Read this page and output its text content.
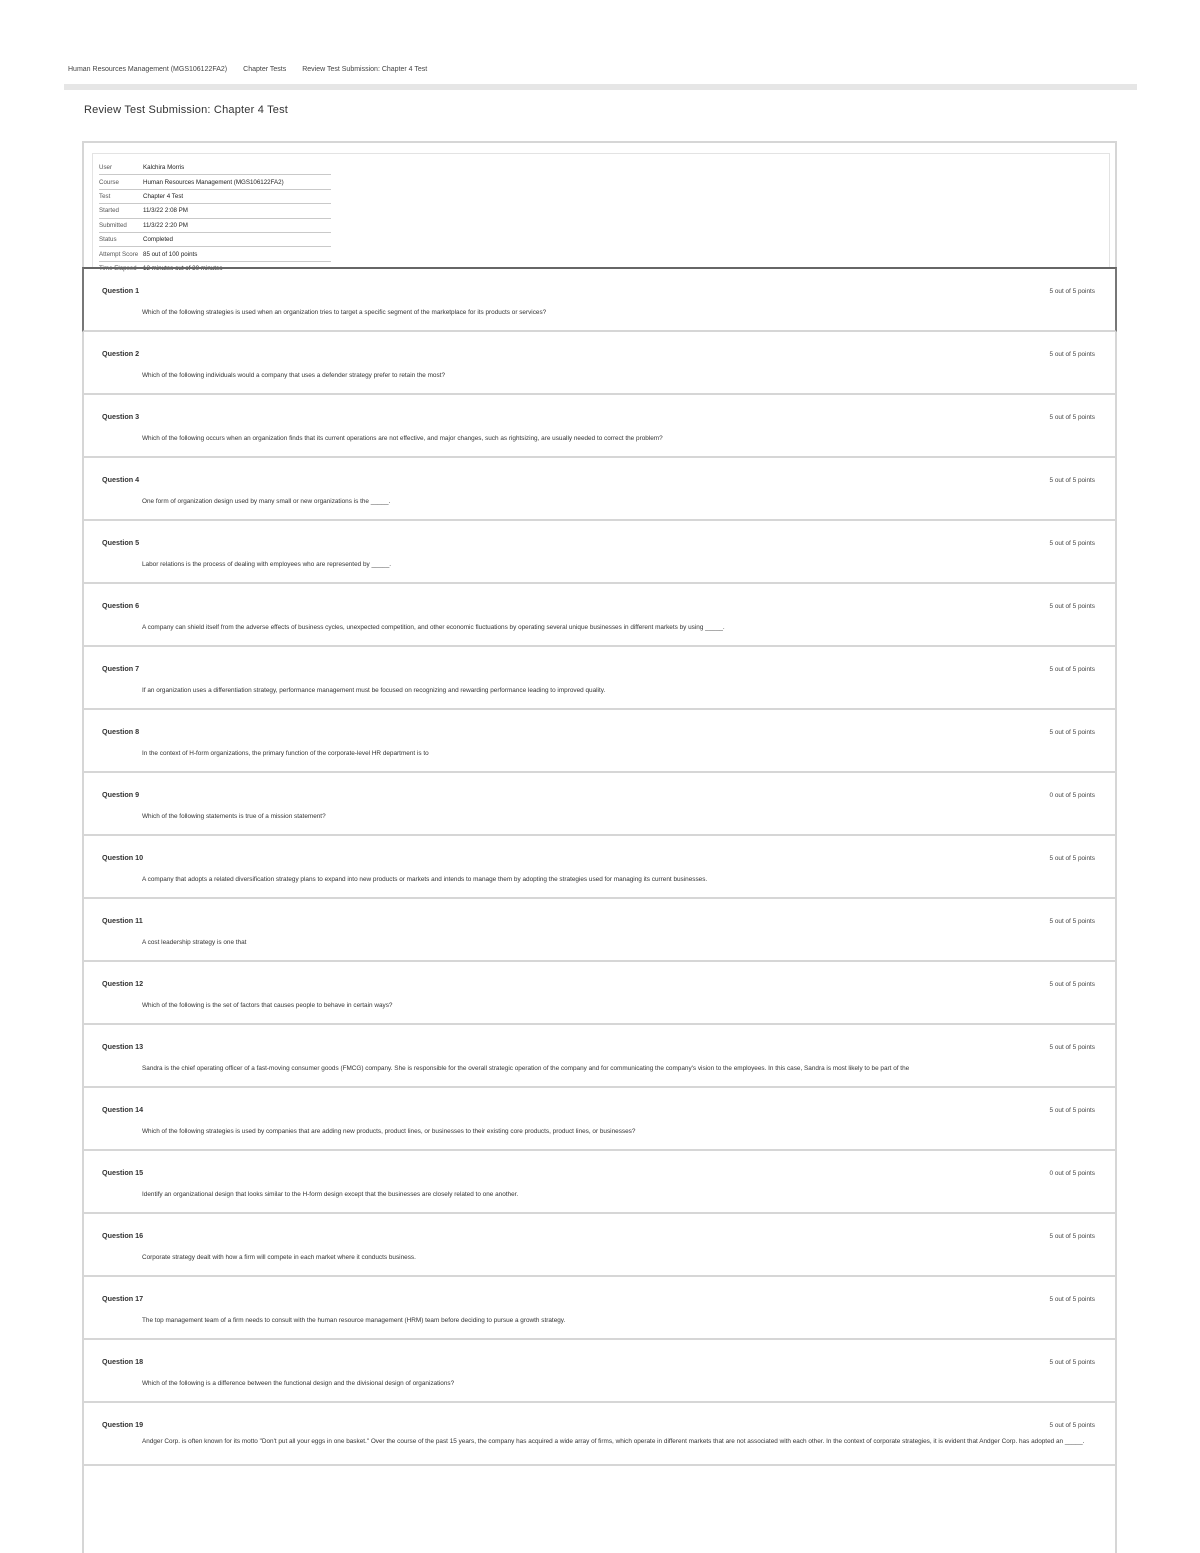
Human Resources Management (MGS106122FA2) Chapter Tests Review Test Submission: Chapter 4 Test
Review Test Submission: Chapter 4 Test
User	Kalchira Morris
Course	Human Resources Management (MGS106122FA2)
Test	Chapter 4 Test
Started	11/3/22 2:08 PM
Submitted	11/3/22 2:20 PM
Status	Completed
Attempt Score 85 out of 100 points
Time Elapsed	12 minutes out of 30 minutes
Question 1	5 out of 5 points
Which of the following strategies is used when an organization tries to target a specific segment of the marketplace for its products or services?
Question 2	5 out of 5 points
Which of the following individuals would a company that uses a defender strategy prefer to retain the most?
Question 3	5 out of 5 points
Which of the following occurs when an organization finds that its current operations are not effective, and major changes, such as rightsizing, are usually needed to correct the problem?
Question 4	5 out of 5 points
One form of organization design used by many small or new organizations is the _____.
Question 5	5 out of 5 points
Labor relations is the process of dealing with employees who are represented by _____.
Question 6	5 out of 5 points
A company can shield itself from the adverse effects of business cycles, unexpected competition, and other economic fluctuations by operating several unique businesses in different markets by using _____.
Question 7	5 out of 5 points
If an organization uses a differentiation strategy, performance management must be focused on recognizing and rewarding performance leading to improved quality.
Question 8	5 out of 5 points
In the context of H-form organizations, the primary function of the corporate-level HR department is to
Question 9	0 out of 5 points
Which of the following statements is true of a mission statement?
Question 10	5 out of 5 points
A company that adopts a related diversification strategy plans to expand into new products or markets and intends to manage them by adopting the strategies used for managing its current businesses.
Question 11	5 out of 5 points
A cost leadership strategy is one that
Question 12	5 out of 5 points
Which of the following is the set of factors that causes people to behave in certain ways?
Question 13	5 out of 5 points
Sandra is the chief operating officer of a fast-moving consumer goods (FMCG) company. She is responsible for the overall strategic operation of the company and for communicating the company's vision to the employees. In this case, Sandra is most likely to be part of the
Question 14	5 out of 5 points
Which of the following strategies is used by companies that are adding new products, product lines, or businesses to their existing core products, product lines, or businesses?
Question 15	0 out of 5 points
Identify an organizational design that looks similar to the H-form design except that the businesses are closely related to one another.
Question 16	5 out of 5 points
Corporate strategy dealt with how a firm will compete in each market where it conducts business.
Question 17	5 out of 5 points
The top management team of a firm needs to consult with the human resource management (HRM) team before deciding to pursue a growth strategy.
Question 18	5 out of 5 points
Which of the following is a difference between the functional design and the divisional design of organizations?
Question 19	5 out of 5 points
Andger Corp. is often known for its motto "Don't put all your eggs in one basket." Over the course of the past 15 years, the company has acquired a wide array of firms, which operate in different markets that are not associated with each other. In the context of corporate strategies, it is evident that Andger Corp. has adopted an _____.
